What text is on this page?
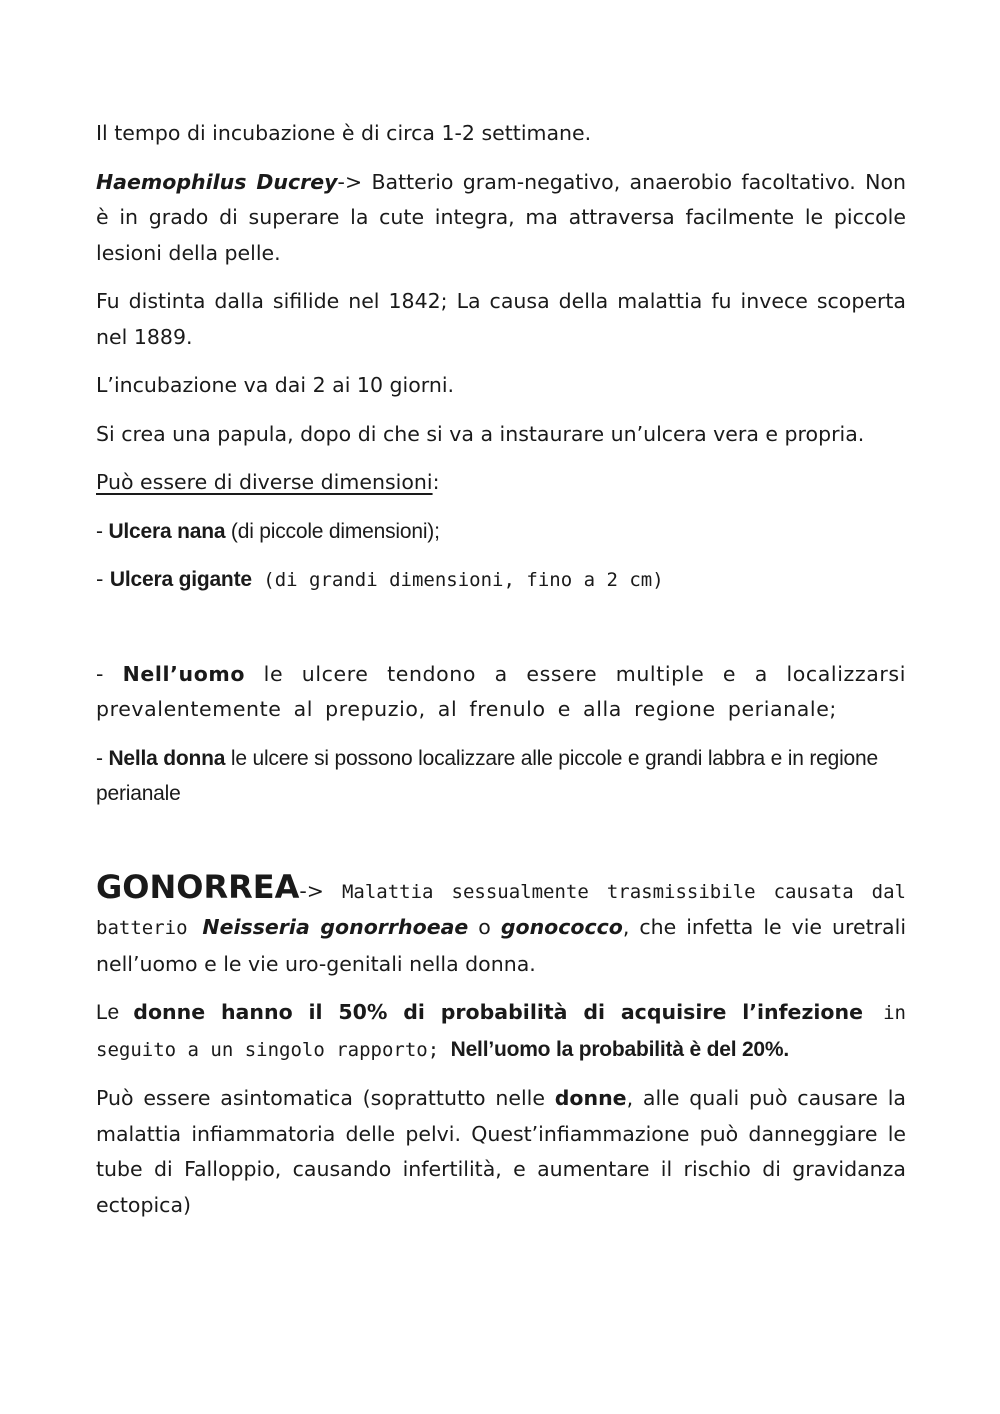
Il tempo di incubazione è di circa 1-2 settimane.

Haemophilus Ducrey-> Batterio gram-negativo, anaerobio facoltativo. Non è in grado di superare la cute integra, ma attraversa facilmente le piccole lesioni della pelle.

Fu distinta dalla sifilide nel 1842; La causa della malattia fu invece scoperta nel 1889.

L’incubazione va dai 2 ai 10 giorni.

Si crea una papula, dopo di che si va a instaurare un’ulcera vera e propria.

Può essere di diverse dimensioni:

- Ulcera nana (di piccole dimensioni);

- Ulcera gigante (di grandi dimensioni, fino a 2 cm)

- Nell’uomo le ulcere tendono a essere multiple e a localizzarsi prevalentemente al prepuzio, al frenulo e alla regione perianale;

- Nella donna le ulcere si possono localizzare alle piccole e grandi labbra e in regione perianale

GONORREA-> Malattia sessualmente trasmissibile causata dal batterio Neisseria gonorrhoeae o gonococco, che infetta le vie uretrali nell’uomo e le vie uro-genitali nella donna.

Le donne hanno il 50% di probabilità di acquisire l’infezione in seguito a un singolo rapporto; Nell’uomo la probabilità è del 20%.

Può essere asintomatica (soprattutto nelle donne, alle quali può causare la malattia infiammatoria delle pelvi. Quest’infiammazione può danneggiare le tube di Falloppio, causando infertilità, e aumentare il rischio di gravidanza ectopica)
